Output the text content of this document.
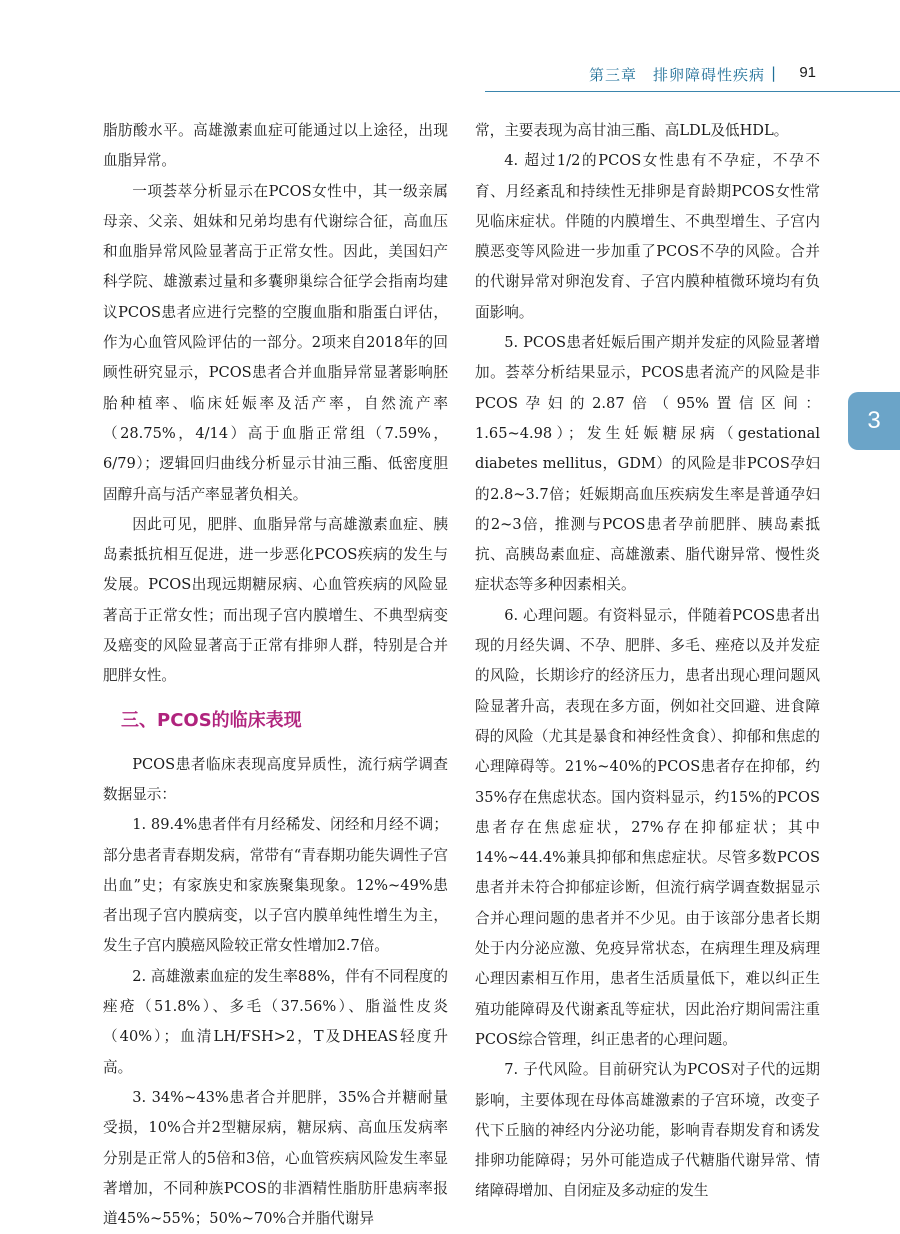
第三章　排卵障碍性疾病 | 91
3

脂肪酸水平。高雄激素血症可能通过以上途径，出现血脂异常。

一项荟萃分析显示在PCOS女性中，其一级亲属母亲、父亲、姐妹和兄弟均患有代谢综合征，高血压和血脂异常风险显著高于正常女性。因此，美国妇产科学院、雄激素过量和多囊卵巢综合征学会指南均建议PCOS患者应进行完整的空腹血脂和脂蛋白评估，作为心血管风险评估的一部分。2项来自2018年的回顾性研究显示，PCOS患者合并血脂异常显著影响胚胎种植率、临床妊娠率及活产率，自然流产率（28.75%，4/14）高于血脂正常组（7.59%，6/79）；逻辑回归曲线分析显示甘油三酯、低密度胆固醇升高与活产率显著负相关。

因此可见，肥胖、血脂异常与高雄激素血症、胰岛素抵抗相互促进，进一步恶化PCOS疾病的发生与发展。PCOS出现远期糖尿病、心血管疾病的风险显著高于正常女性；而出现子宫内膜增生、不典型病变及癌变的风险显著高于正常有排卵人群，特别是合并肥胖女性。

三、PCOS的临床表现

PCOS患者临床表现高度异质性，流行病学调查数据显示：

1. 89.4%患者伴有月经稀发、闭经和月经不调；部分患者青春期发病，常带有“青春期功能失调性子宫出血”史；有家族史和家族聚集现象。12%~49%患者出现子宫内膜病变，以子宫内膜单纯性增生为主，发生子宫内膜癌风险较正常女性增加2.7倍。

2. 高雄激素血症的发生率88%，伴有不同程度的痤疮（51.8%）、多毛（37.56%）、脂溢性皮炎（40%）；血清LH/FSH>2，T及DHEAS轻度升高。

3. 34%~43%患者合并肥胖，35%合并糖耐量受损，10%合并2型糖尿病，糖尿病、高血压发病率分别是正常人的5倍和3倍，心血管疾病风险发生率显著增加，不同种族PCOS的非酒精性脂肪肝患病率报道45%~55%；50%~70%合并脂代谢异

常，主要表现为高甘油三酯、高LDL及低HDL。

4. 超过1/2的PCOS女性患有不孕症，不孕不育、月经紊乱和持续性无排卵是育龄期PCOS女性常见临床症状。伴随的内膜增生、不典型增生、子宫内膜恶变等风险进一步加重了PCOS不孕的风险。合并的代谢异常对卵泡发育、子宫内膜种植微环境均有负面影响。

5. PCOS患者妊娠后围产期并发症的风险显著增加。荟萃分析结果显示，PCOS患者流产的风险是非PCOS孕妇的2.87倍（95%置信区间：1.65~4.98）；发生妊娠糖尿病（gestational diabetes mellitus，GDM）的风险是非PCOS孕妇的2.8~3.7倍；妊娠期高血压疾病发生率是普通孕妇的2~3倍，推测与PCOS患者孕前肥胖、胰岛素抵抗、高胰岛素血症、高雄激素、脂代谢异常、慢性炎症状态等多种因素相关。

6. 心理问题。有资料显示，伴随着PCOS患者出现的月经失调、不孕、肥胖、多毛、痤疮以及并发症的风险，长期诊疗的经济压力，患者出现心理问题风险显著升高，表现在多方面，例如社交回避、进食障碍的风险（尤其是暴食和神经性贪食）、抑郁和焦虑的心理障碍等。21%~40%的PCOS患者存在抑郁，约35%存在焦虑状态。国内资料显示，约15%的PCOS患者存在焦虑症状，27%存在抑郁症状；其中14%~44.4%兼具抑郁和焦虑症状。尽管多数PCOS患者并未符合抑郁症诊断，但流行病学调查数据显示合并心理问题的患者并不少见。由于该部分患者长期处于内分泌应激、免疫异常状态，在病理生理及病理心理因素相互作用，患者生活质量低下，难以纠正生殖功能障碍及代谢紊乱等症状，因此治疗期间需注重PCOS综合管理，纠正患者的心理问题。

7. 子代风险。目前研究认为PCOS对子代的远期影响，主要体现在母体高雄激素的子宫环境，改变子代下丘脑的神经内分泌功能，影响青春期发育和诱发排卵功能障碍；另外可能造成子代糖脂代谢异常、情绪障碍增加、自闭症及多动症的发生
